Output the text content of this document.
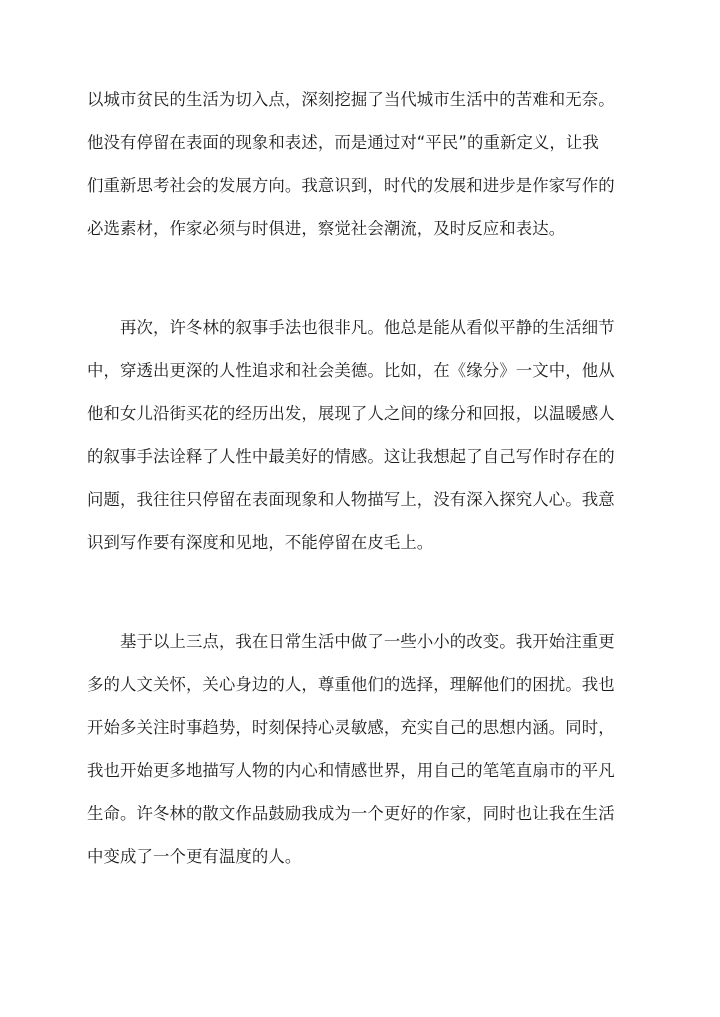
以城市贫民的生活为切入点，深刻挖掘了当代城市生活中的苦难和无奈。
他没有停留在表面的现象和表述，而是通过对“平民”的重新定义，让我
们重新思考社会的发展方向。我意识到，时代的发展和进步是作家写作的
必选素材，作家必须与时俱进，察觉社会潮流，及时反应和表达。
再次，许冬林的叙事手法也很非凡。他总是能从看似平静的生活细节
中，穿透出更深的人性追求和社会美德。比如，在《缘分》一文中，他从
他和女儿沿街买花的经历出发，展现了人之间的缘分和回报，以温暖感人
的叙事手法诠释了人性中最美好的情感。这让我想起了自己写作时存在的
问题，我往往只停留在表面现象和人物描写上，没有深入探究人心。我意
识到写作要有深度和见地，不能停留在皮毛上。
基于以上三点，我在日常生活中做了一些小小的改变。我开始注重更
多的人文关怀，关心身边的人，尊重他们的选择，理解他们的困扰。我也
开始多关注时事趋势，时刻保持心灵敏感，充实自己的思想内涵。同时，
我也开始更多地描写人物的内心和情感世界，用自己的笔笔直扇市的平凡
生命。许冬林的散文作品鼓励我成为一个更好的作家，同时也让我在生活
中变成了一个更有温度的人。
